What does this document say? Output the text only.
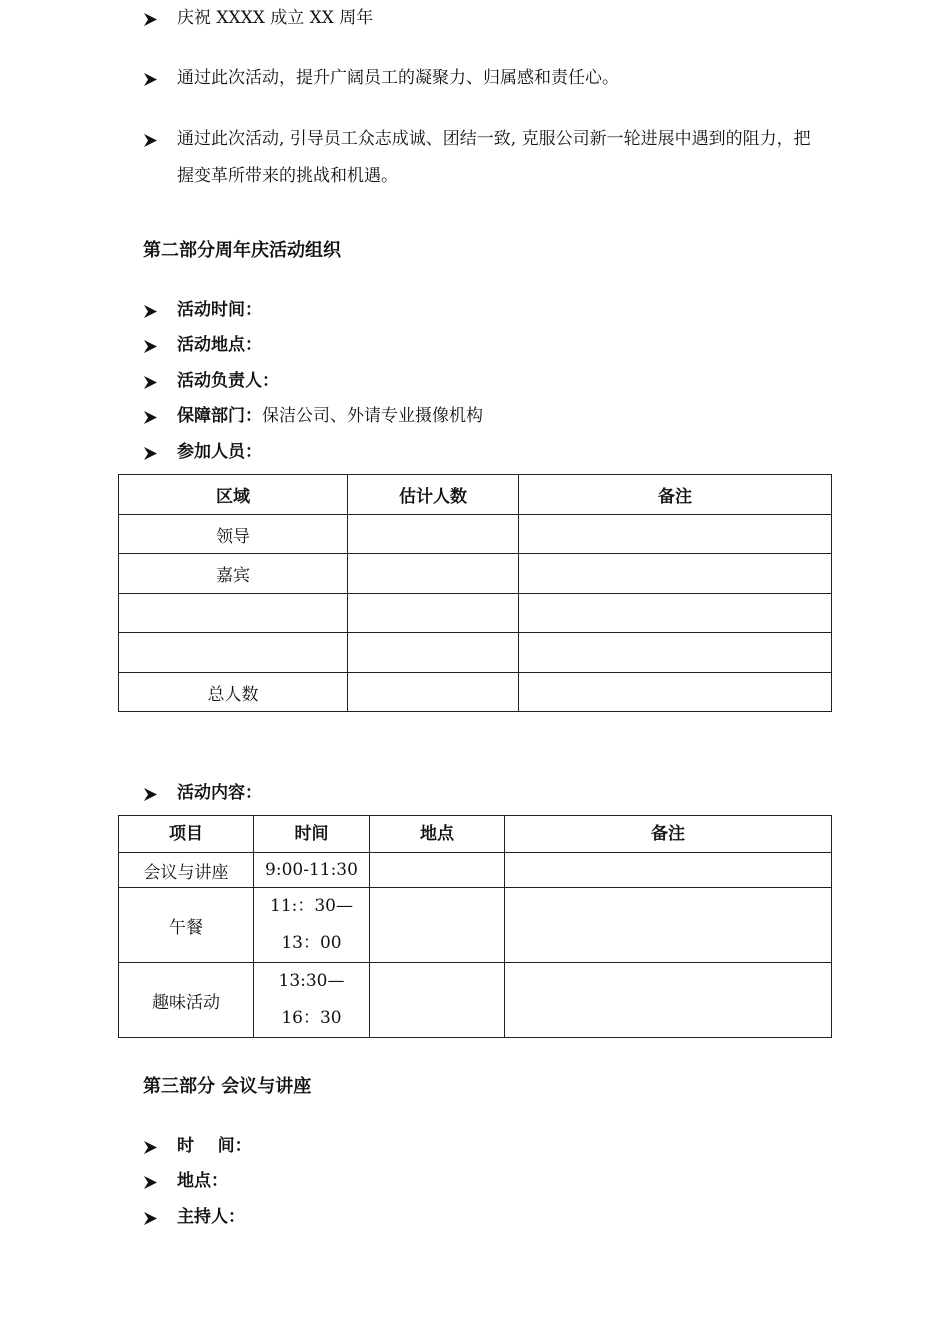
庆祝 XXXX 成立 XX 周年
通过此次活动，提升广阔员工的凝聚力、归属感和责任心。
通过此次活动, 引导员工众志成诚、团结一致, 克服公司新一轮进展中遇到的阻力，把握变革所带来的挑战和机遇。
第二部分周年庆活动组织
活动时间：
活动地点：
活动负责人：
保障部门：保洁公司、外请专业摄像机构
参加人员：
区域	估计人数	备注
领导		
嘉宾		

总人数		
活动内容：
项目	时间	地点	备注
会议与讲座	9:00-11:30		
午餐	11:：30—
13：00		

趣味活动	13:30—
16：30		

第三部分 会议与讲座
时    间：
地点：
主持人：
